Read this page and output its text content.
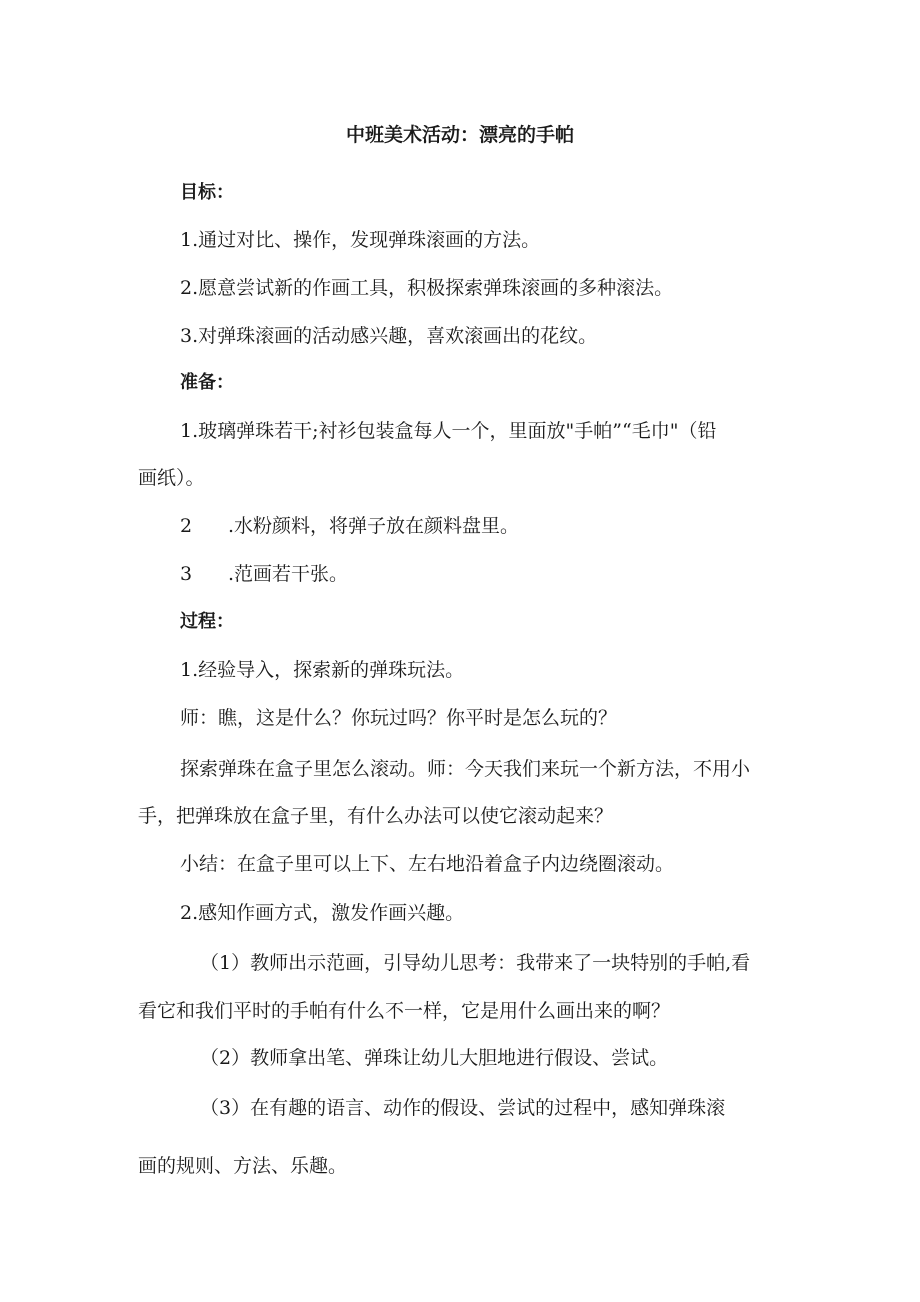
中班美术活动：漂亮的手帕
目标：
1.通过对比、操作，发现弹珠滚画的方法。
2.愿意尝试新的作画工具，积极探索弹珠滚画的多种滚法。
3.对弹珠滚画的活动感兴趣，喜欢滚画出的花纹。
准备：
1.玻璃弹珠若干;衬衫包装盒每人一个，里面放"手帕”“毛巾"（铅
画纸）。
2 .水粉颜料，将弹子放在颜料盘里。
3 .范画若干张。
过程：
1.经验导入，探索新的弹珠玩法。
师：瞧，这是什么？你玩过吗？你平时是怎么玩的？
探索弹珠在盒子里怎么滚动。师：今天我们来玩一个新方法，不用小
手，把弹珠放在盒子里，有什么办法可以使它滚动起来？
小结：在盒子里可以上下、左右地沿着盒子内边绕圈滚动。
2.感知作画方式，激发作画兴趣。
（1）教师出示范画，引导幼儿思考：我带来了一块特别的手帕,看
看它和我们平时的手帕有什么不一样，它是用什么画出来的啊？
（2）教师拿出笔、弹珠让幼儿大胆地进行假设、尝试。
（3）在有趣的语言、动作的假设、尝试的过程中，感知弹珠滚
画的规则、方法、乐趣。
